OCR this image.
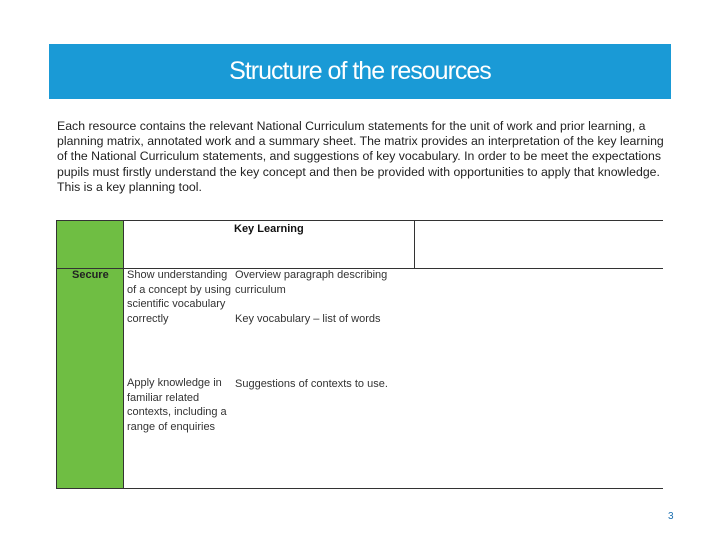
Structure of the resources
Each resource contains the relevant National Curriculum statements for the unit of work and prior learning, a planning matrix, annotated work and a summary sheet. The matrix provides an interpretation of the key learning of the National Curriculum statements, and suggestions of key vocabulary. In order to be meet the expectations pupils must firstly understand the key concept and then be provided with opportunities to apply that knowledge. This is a key planning tool.
Key Learning
Secure Show understanding of a concept by using scientific vocabulary correctly
Overview paragraph describing curriculum
Key vocabulary – list of words
Apply knowledge in familiar related contexts, including a range of enquiries
Suggestions of contexts to use.
3
